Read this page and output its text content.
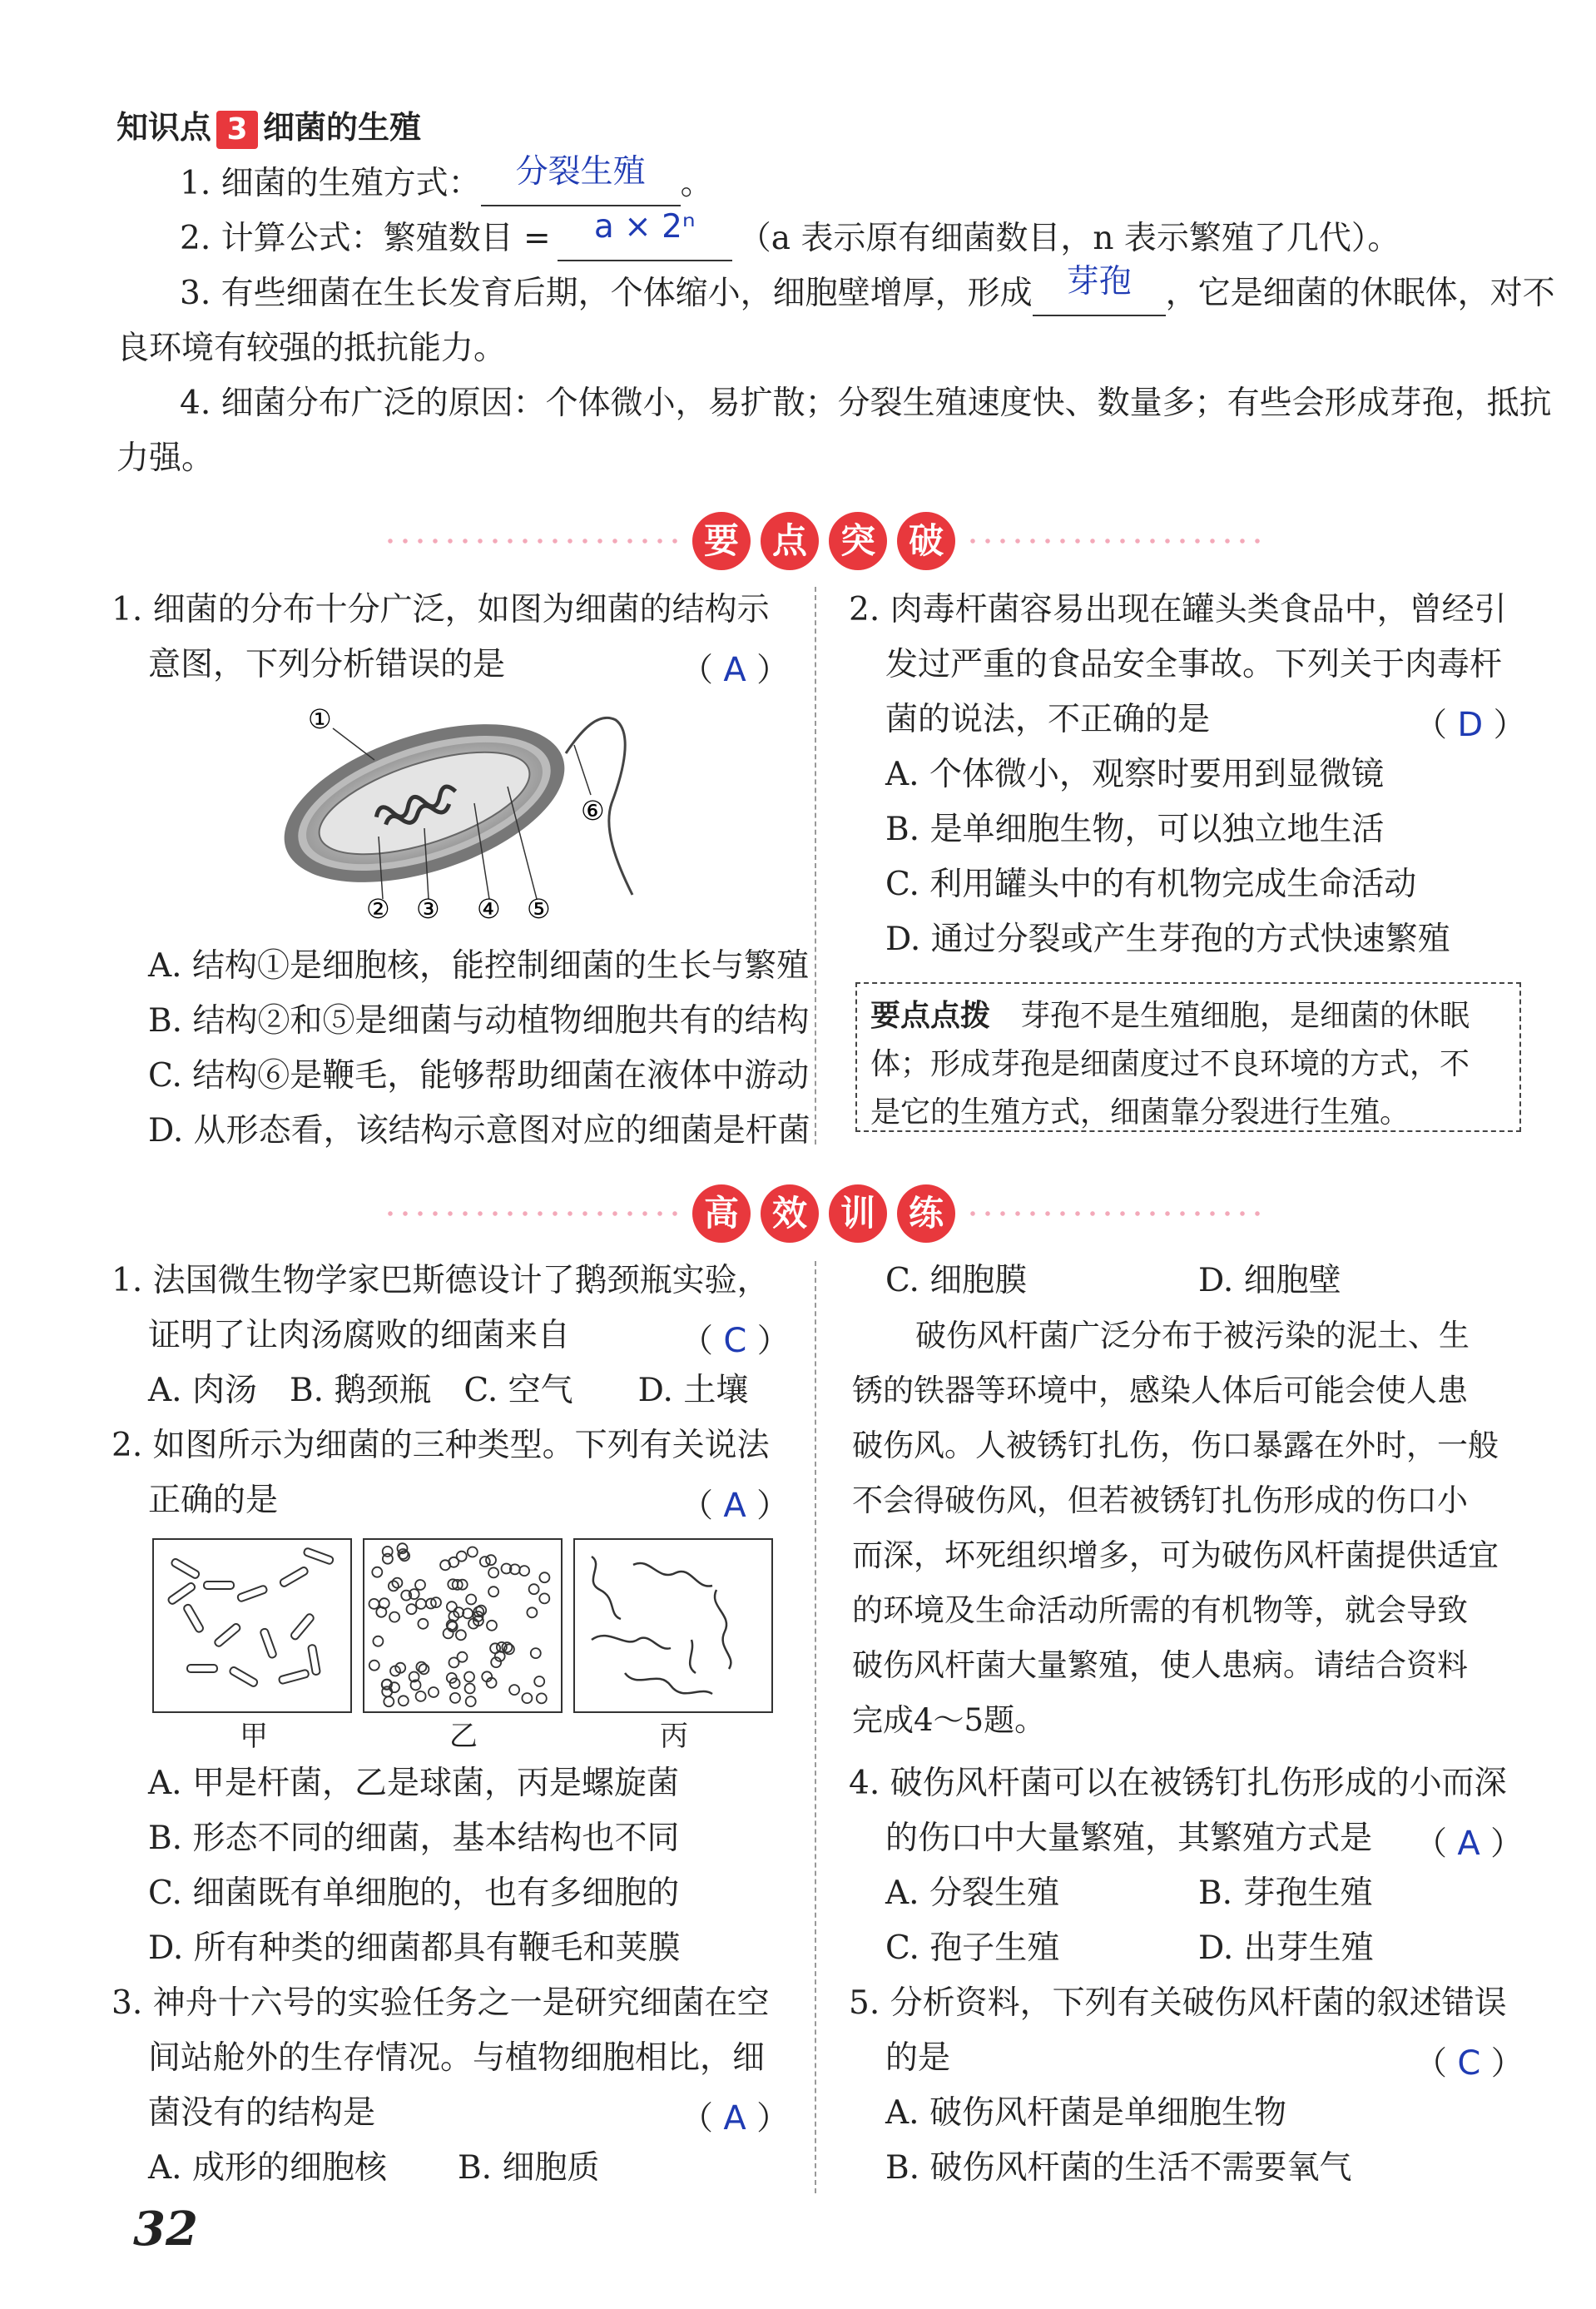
知识点 3 细菌的生殖
1. 细菌的生殖方式： 分裂生殖 。
2. 计算公式：繁殖数目 = a × 2ⁿ （a 表示原有细菌数目，n 表示繁殖了几代）。
3. 有些细菌在生长发育后期，个体缩小，细胞壁增厚，形成 芽孢 ，它是细菌的休眠体，对不
良环境有较强的抵抗能力。
4. 细菌分布广泛的原因：个体微小，易扩散；分裂生殖速度快、数量多；有些会形成芽孢，抵抗
力强。
要 点 突 破
1. 细菌的分布十分广泛，如图为细菌的结构示
意图，下列分析错误的是	（ A ）
①
② ③ ④ ⑤
⑥
A. 结构①是细胞核，能控制细菌的生长与繁殖
B. 结构②和⑤是细菌与动植物细胞共有的结构
C. 结构⑥是鞭毛，能够帮助细菌在液体中游动
D. 从形态看，该结构示意图对应的细菌是杆菌
2. 肉毒杆菌容易出现在罐头类食品中，曾经引
发过严重的食品安全事故。下列关于肉毒杆
菌的说法，不正确的是	（ D ）
A. 个体微小，观察时要用到显微镜
B. 是单细胞生物，可以独立地生活
C. 利用罐头中的有机物完成生命活动
D. 通过分裂或产生芽孢的方式快速繁殖
要点点拨　 芽孢不是生殖细胞，是细菌的休眠
体；形成芽孢是细菌度过不良环境的方式，不
是它的生殖方式，细菌靠分裂进行生殖。
高 效 训 练
1. 法国微生物学家巴斯德设计了鹅颈瓶实验，
证明了让肉汤腐败的细菌来自	（ C ）
A. 肉汤　B. 鹅颈瓶　C. 空气　　D. 土壤
2. 如图所示为细菌的三种类型。下列有关说法
正确的是	（ A ）
甲	乙	丙
A. 甲是杆菌，乙是球菌，丙是螺旋菌
B. 形态不同的细菌，基本结构也不同
C. 细菌既有单细胞的，也有多细胞的
D. 所有种类的细菌都具有鞭毛和荚膜
3. 神舟十六号的实验任务之一是研究细菌在空
间站舱外的生存情况。与植物细胞相比，细
菌没有的结构是	（ A ）
A. 成形的细胞核 B. 细胞质
C. 细胞膜	D. 细胞壁
破伤风杆菌广泛分布于被污染的泥土、生
锈的铁器等环境中，感染人体后可能会使人患
破伤风。人被锈钉扎伤，伤口暴露在外时，一般
不会得破伤风，但若被锈钉扎伤形成的伤口小
而深，坏死组织增多，可为破伤风杆菌提供适宜
的环境及生命活动所需的有机物等，就会导致
破伤风杆菌大量繁殖，使人患病。请结合资料
完成4～5题。
4. 破伤风杆菌可以在被锈钉扎伤形成的小而深
的伤口中大量繁殖，其繁殖方式是 （ A ）
A. 分裂生殖	B. 芽孢生殖
C. 孢子生殖	D. 出芽生殖
5. 分析资料，下列有关破伤风杆菌的叙述错误
的是	（ C ）
A. 破伤风杆菌是单细胞生物
B. 破伤风杆菌的生活不需要氧气
32
